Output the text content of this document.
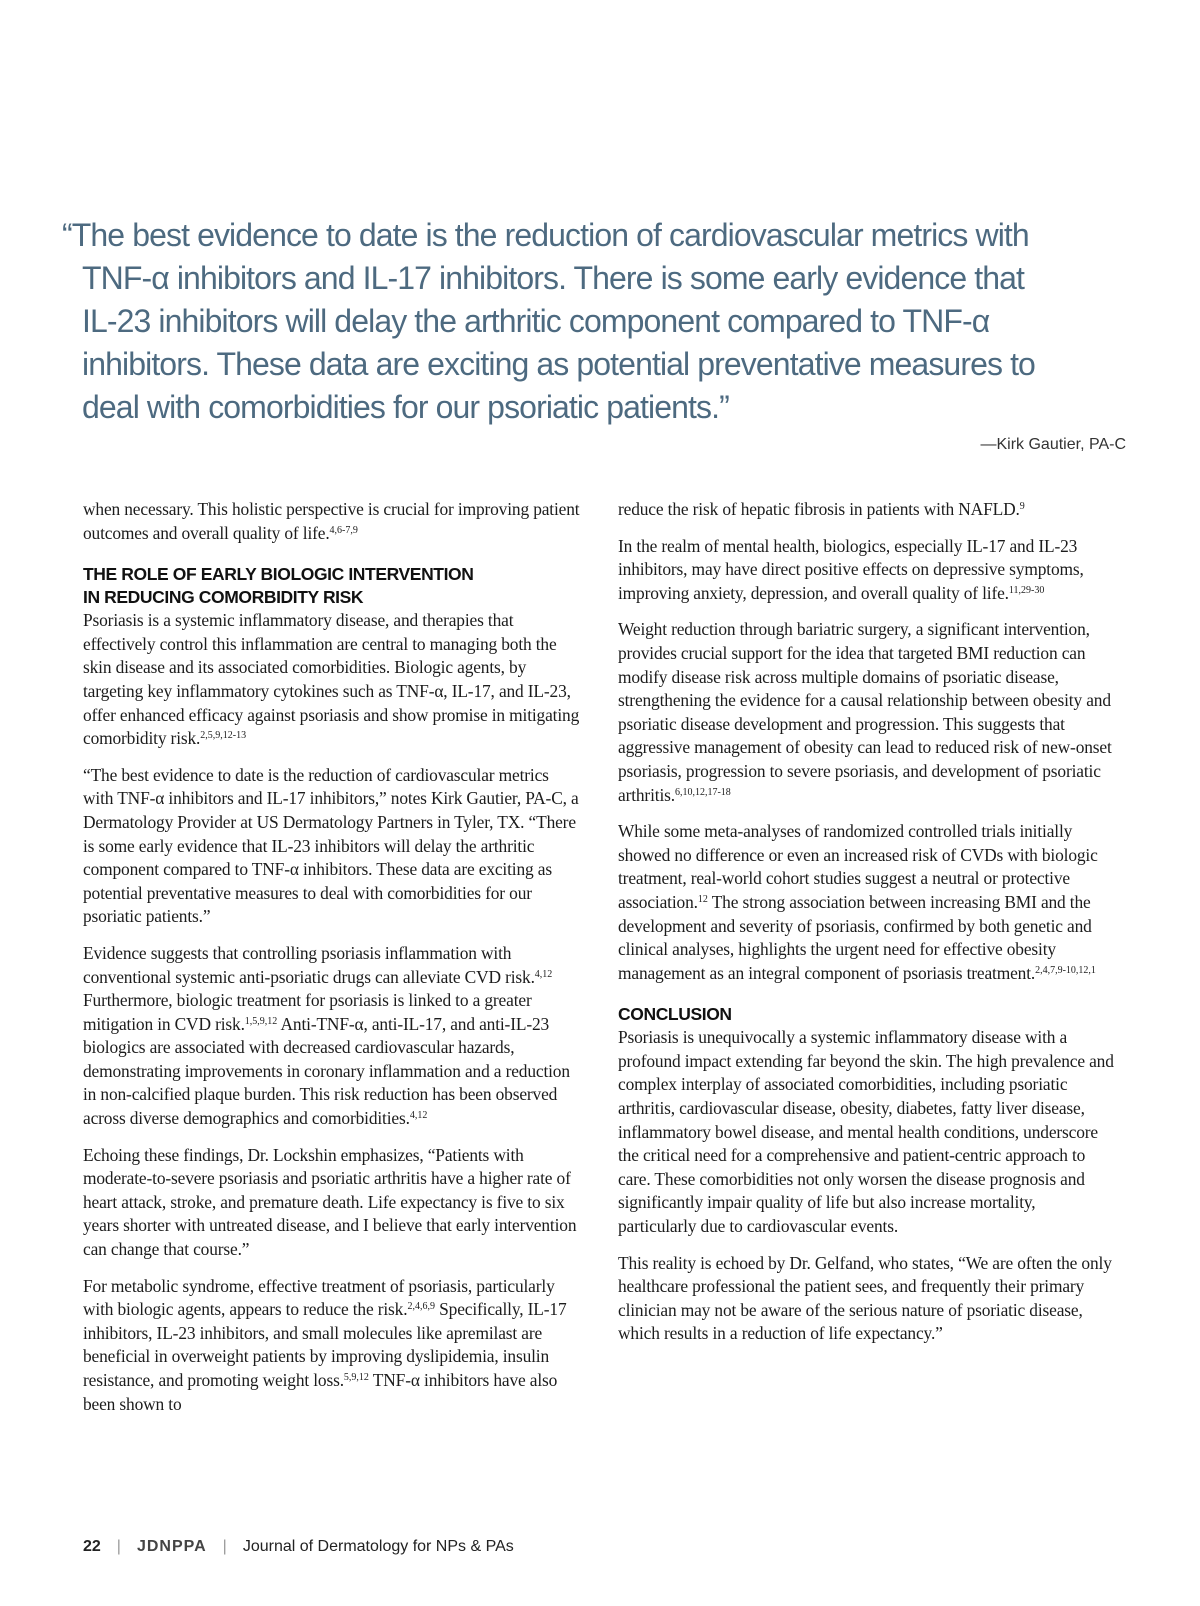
“The best evidence to date is the reduction of cardiovascular metrics with
TNF-α inhibitors and IL-17 inhibitors. There is some early evidence that
IL-23 inhibitors will delay the arthritic component compared to TNF-α
inhibitors. These data are exciting as potential preventative measures to
deal with comorbidities for our psoriatic patients.”
—Kirk Gautier, PA-C

when necessary. This holistic perspective is crucial for improving patient outcomes and overall quality of life.$^{4,6-7,9}$

THE ROLE OF EARLY BIOLOGIC INTERVENTION
IN REDUCING COMORBIDITY RISK

Psoriasis is a systemic inflammatory disease, and therapies that effectively control this inflammation are central to managing both the skin disease and its associated comorbidities. Biologic agents, by targeting key inflammatory cytokines such as TNF-α, IL-17, and IL-23, offer enhanced efficacy against psoriasis and show promise in mitigating comorbidity risk.$^{2,5,9,12-13}$

“The best evidence to date is the reduction of cardiovascular metrics with TNF-α inhibitors and IL-17 inhibitors,” notes Kirk Gautier, PA-C, a Dermatology Provider at US Dermatology Partners in Tyler, TX. “There is some early evidence that IL-23 inhibitors will delay the arthritic component compared to TNF-α inhibitors. These data are exciting as potential preventative measures to deal with comorbidities for our psoriatic patients.”

Evidence suggests that controlling psoriasis inflammation with conventional systemic anti-psoriatic drugs can alleviate CVD risk.$^{4,12}$ Furthermore, biologic treatment for psoriasis is linked to a greater mitigation in CVD risk.$^{1,5,9,12}$ Anti-TNF-α, anti-IL-17, and anti-IL-23 biologics are associated with decreased cardiovascular hazards, demonstrating improvements in coronary inflammation and a reduction in non-calcified plaque burden. This risk reduction has been observed across diverse demographics and comorbidities.$^{4,12}$

Echoing these findings, Dr. Lockshin emphasizes, “Patients with moderate-to-severe psoriasis and psoriatic arthritis have a higher rate of heart attack, stroke, and premature death. Life expectancy is five to six years shorter with untreated disease, and I believe that early intervention can change that course.”

For metabolic syndrome, effective treatment of psoriasis, particularly with biologic agents, appears to reduce the risk.$^{2,4,6,9}$ Specifically, IL-17 inhibitors, IL-23 inhibitors, and small molecules like apremilast are beneficial in overweight patients by improving dyslipidemia, insulin resistance, and promoting weight loss.$^{5,9,12}$ TNF-α inhibitors have also been shown to

reduce the risk of hepatic fibrosis in patients with NAFLD.$^9$

In the realm of mental health, biologics, especially IL-17 and IL-23 inhibitors, may have direct positive effects on depressive symptoms, improving anxiety, depression, and overall quality of life.$^{11,29-30}$

Weight reduction through bariatric surgery, a significant intervention, provides crucial support for the idea that targeted BMI reduction can modify disease risk across multiple domains of psoriatic disease, strengthening the evidence for a causal relationship between obesity and psoriatic disease development and progression. This suggests that aggressive management of obesity can lead to reduced risk of new-onset psoriasis, progression to severe psoriasis, and development of psoriatic arthritis.$^{6,10,12,17-18}$

While some meta-analyses of randomized controlled trials initially showed no difference or even an increased risk of CVDs with biologic treatment, real-world cohort studies suggest a neutral or protective association.$^{12}$ The strong association between increasing BMI and the development and severity of psoriasis, confirmed by both genetic and clinical analyses, highlights the urgent need for effective obesity management as an integral component of psoriasis treatment.$^{2,4,7,9-10,12,1}$

CONCLUSION

Psoriasis is unequivocally a systemic inflammatory disease with a profound impact extending far beyond the skin. The high prevalence and complex interplay of associated comorbidities, including psoriatic arthritis, cardiovascular disease, obesity, diabetes, fatty liver disease, inflammatory bowel disease, and mental health conditions, underscore the critical need for a comprehensive and patient-centric approach to care. These comorbidities not only worsen the disease prognosis and significantly impair quality of life but also increase mortality, particularly due to cardiovascular events.

This reality is echoed by Dr. Gelfand, who states, “We are often the only healthcare professional the patient sees, and frequently their primary clinician may not be aware of the serious nature of psoriatic disease, which results in a reduction of life expectancy.”

22 | JDNPPA | Journal of Dermatology for NPs & PAs
